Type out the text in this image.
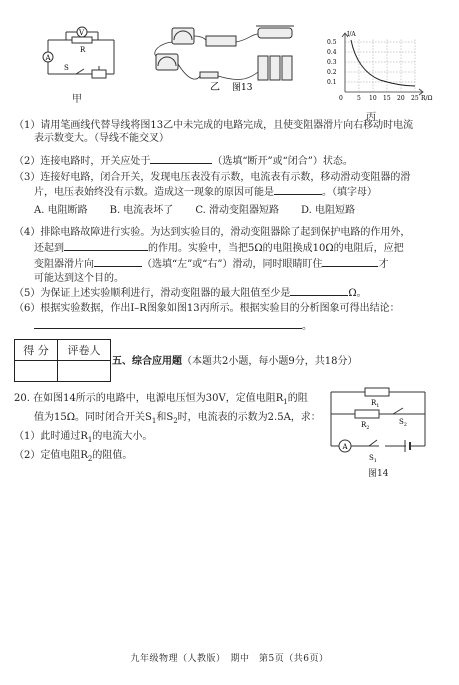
V
A
R
S
甲
乙 图13
I/A
0.5
0.4
0.3
0.2
0.1
0 5 10 15 20 25 R/Ω
丙
（1）请用笔画线代替导线将图13乙中未完成的电路完成，且使变阻器滑片向右移动时电流
表示数变大。（导线不能交叉）
（2）连接电路时，开关应处于	（选填“断开”或“闭合”）状态。
（3）连接好电路，闭合开关，发现电压表没有示数，电流表有示数，移动滑动变阻器的滑
片，电压表始终没有示数。造成这一现象的原因可能是	。（填字母）
A. 电阻断路 B. 电流表坏了 C. 滑动变阻器短路 D. 电阻短路
（4）排除电路故障进行实验。为达到实验目的，滑动变阻器除了起到保护电路的作用外，
还起到	的作用。实验中，当把5Ω的电阻换成10Ω的电阻后，应把
变阻器滑片向	（选填“左”或“右”）滑动，同时眼睛盯住	才
可能达到这个目的。
（5）为保证上述实验顺利进行，滑动变阻器的最大阻值至少是	Ω。
（6）根据实验数据，作出I–R图象如图13丙所示。根据实验目的分析图象可得出结论：
。
得 分	评卷人

五、综合应用题（本题共2小题，每小题9分，共18分）
20. 在如图14所示的电路中，电源电压恒为30V，定值电阻$R_1$的阻
值为15Ω。同时闭合开关$S_1$和$S_2$时，电流表的示数为2.5A，求：
（1）此时通过$R_1$的电流大小。
（2）定值电阻$R_2$的阻值。
$R_1$
$R_2$
$S_2$
$S_1$
A
图14
九年级物理（人教版）　期中　第5页（共6页）
